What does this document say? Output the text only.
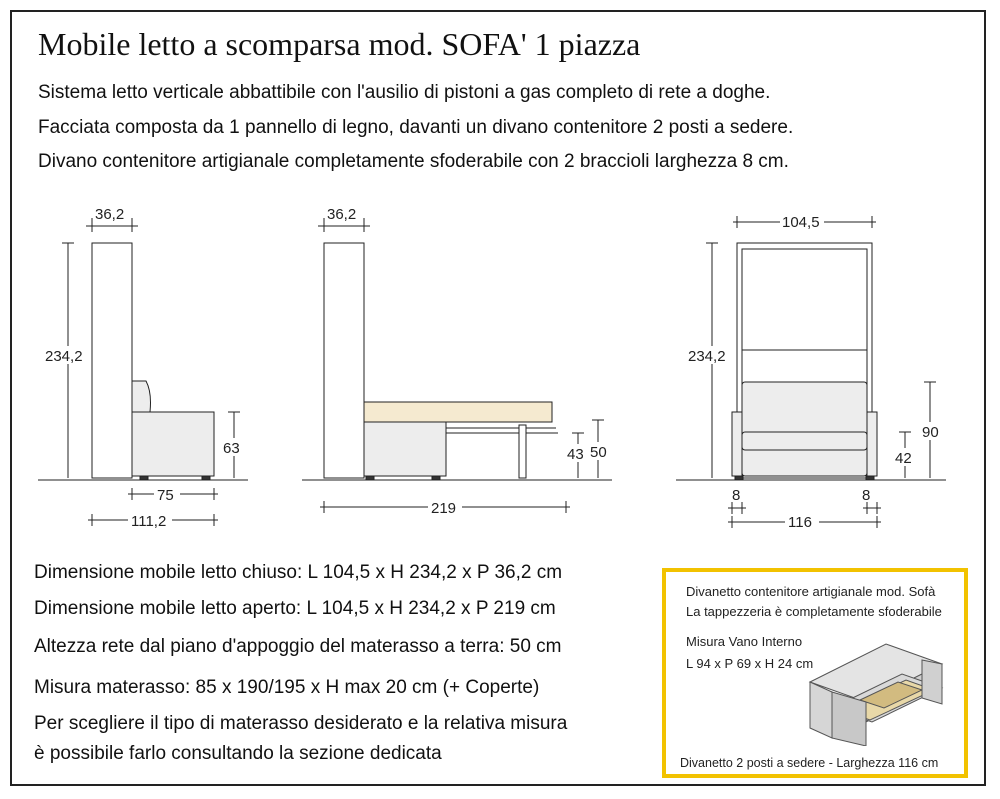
Mobile letto a scomparsa mod. SOFA' 1 piazza
Sistema letto verticale abbattibile con l'ausilio di pistoni a gas completo di rete a doghe.
Facciata composta da 1 pannello di legno, davanti un divano contenitore 2 posti a sedere.
Divano contenitore artigianale completamente sfoderabile con 2 braccioli larghezza 8 cm.
36,2
234,2
63
75
111,2
36,2
219
43 50
104,5
234,2
90
42
8	8
116
Dimensione mobile letto chiuso: L 104,5 x H 234,2 x P 36,2 cm
Dimensione mobile letto aperto: L 104,5 x H 234,2 x P 219 cm
Altezza rete dal piano d'appoggio del materasso a terra: 50 cm
Misura materasso: 85 x 190/195 x H max 20 cm (+ Coperte)
Per scegliere il tipo di materasso desiderato e la relativa misura
è possibile farlo consultando la sezione dedicata
Divanetto contenitore artigianale mod. Sofà
La tappezzeria è completamente sfoderabile
Misura Vano Interno
L 94 x P 69 x H 24 cm
Divanetto 2 posti a sedere - Larghezza 116 cm
